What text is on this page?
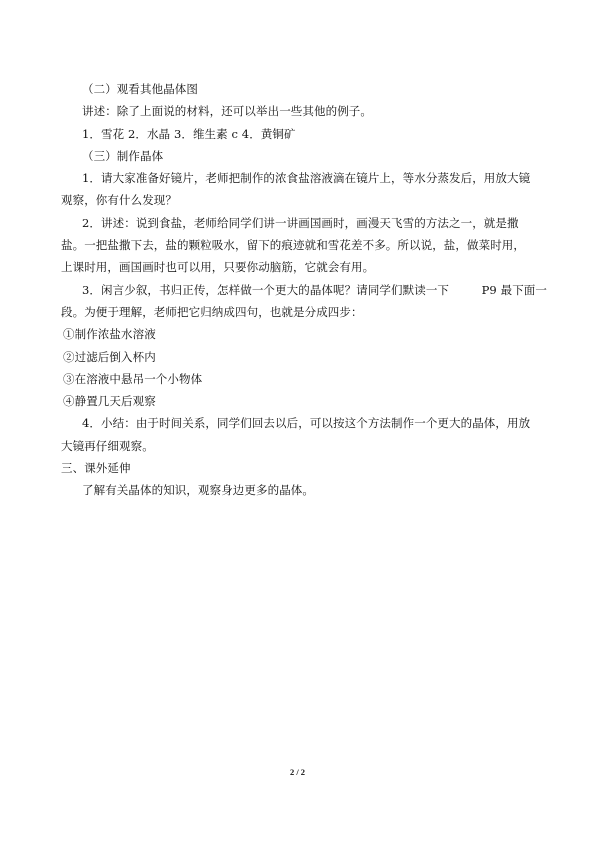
（二）观看其他晶体图
讲述：除了上面说的材料，还可以举出一些其他的例子。
1．雪花 2．水晶 3．维生素 c 4．黄铜矿
（三）制作晶体
1．请大家准备好镜片，老师把制作的浓食盐溶液滴在镜片上，等水分蒸发后，用放大镜
观察，你有什么发现？
2．讲述：说到食盐，老师给同学们讲一讲画国画时，画漫天飞雪的方法之一，就是撒
盐。一把盐撒下去，盐的颗粒吸水，留下的痕迹就和雪花差不多。所以说，盐，做菜时用，
上课时用，画国画时也可以用，只要你动脑筋，它就会有用。
3．闲言少叙，书归正传，怎样做一个更大的晶体呢？请同学们默读一下	P9 最下面一
段。为便于理解，老师把它归纳成四句，也就是分成四步：
①制作浓盐水溶液
②过滤后倒入杯内
③在溶液中悬吊一个小物体
④静置几天后观察
4．小结：由于时间关系，同学们回去以后，可以按这个方法制作一个更大的晶体，用放
大镜再仔细观察。
三、课外延伸
了解有关晶体的知识，观察身边更多的晶体。
2 / 2
